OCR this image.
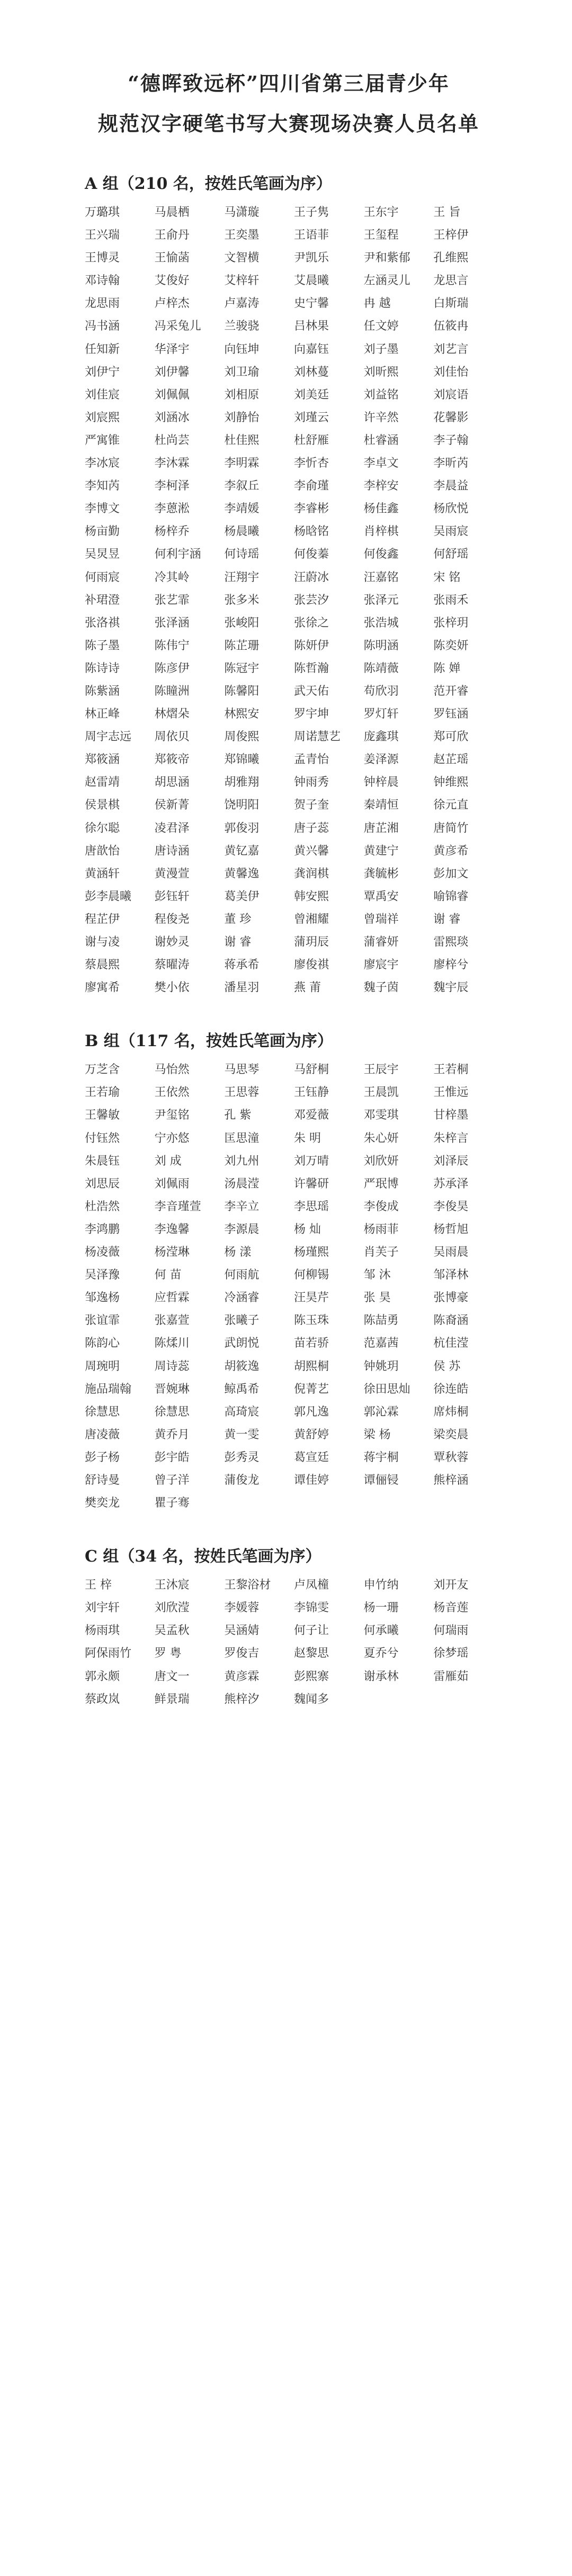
“德晖致远杯”四川省第三届青少年
规范汉字硬笔书写大赛现场决赛人员名单
A 组（210 名，按姓氏笔画为序）
万璐琪	马晨栖	马潇璇	王子隽	王东宇	王 旨
王兴瑞	王俞丹	王奕墨	王语菲	王玺程	王梓伊
王博灵	王愉菡	文智横	尹凯乐	尹和紫郁	孔维熙
邓诗翰	艾俊好	艾梓轩	艾晨曦	左涵灵儿	龙思言
龙思雨	卢梓杰	卢嘉涛	史宁馨	冉 越	白斯瑞
冯书涵	冯采兔儿	兰骏骁	吕林果	任文婷	伍筱冉
任知新	华泽宇	向钰坤	向嘉钰	刘子墨	刘艺言
刘伊宁	刘伊馨	刘卫瑜	刘林蔓	刘昕熙	刘佳怡
刘佳宸	刘佩佩	刘相原	刘美廷	刘益铭	刘宸语
刘宸熙	刘涵冰	刘静怡	刘瑾云	许辛然	花馨影
严寓锥	杜尚芸	杜佳熙	杜舒雁	杜睿涵	李子翰
李冰宸	李沐霖	李明霖	李忻杏	李卓文	李昕芮
李知芮	李柯泽	李叙丘	李俞瑾	李梓安	李晨益
李博文	李蒽淞	李靖媛	李睿彬	杨佳鑫	杨欣悦
杨亩勤	杨梓乔	杨晨曦	杨晗铭	肖梓棋	吴雨宸
吴炅昱	何利宇涵	何诗瑶	何俊蓁	何俊鑫	何舒瑶
何雨宸	冷其岭	汪翔宇	汪蔚冰	汪嘉铭	宋 铭
补珺澄	张艺霏	张多米	张芸汐	张泽元	张雨禾
张洛祺	张泽涵	张峻阳	张徐之	张浩城	张梓玥
陈子墨	陈伟宁	陈芷珊	陈妍伊	陈明涵	陈奕妍
陈诗诗	陈彦伊	陈冠宇	陈哲瀚	陈靖薇	陈 婵
陈紫涵	陈瞳洲	陈馨阳	武天佑	苟欣羽	范开睿
林正峰	林熠朵	林熙安	罗宇坤	罗灯轩	罗钰涵
周宇志远	周依贝	周俊熙	周诺慧艺	庞鑫琪	郑可欣
郑筱涵	郑筱帝	郑锦曦	孟青怡	姜泽源	赵芷瑶
赵雷靖	胡思涵	胡雅翔	钟雨秀	钟梓晨	钟维熙
侯景棋	侯新菁	饶明阳	贺子奎	秦靖恒	徐元直
徐尔聪	凌君泽	郭俊羽	唐子蕊	唐芷湘	唐简竹
唐歆怡	唐诗涵	黄钇嘉	黄兴馨	黄建宁	黄彦希
黄涵轩	黄漫萱	黄馨逸	龚润棋	龚毓彬	彭加文
彭李晨曦	彭钰轩	葛美伊	韩安熙	覃禹安	喻锦睿
程芷伊	程俊尧	董 珍	曾湘耀	曾瑞祥	谢 睿
谢与凌	谢妙灵	谢 睿	蒲玥辰	蒲睿妍	雷熙琰
蔡晨熙	蔡曜涛	蒋承希	廖俊祺	廖宸宇	廖梓兮
廖寓希	樊小依	潘星羽	燕 莆	魏子茵	魏宇辰
B 组（117 名，按姓氏笔画为序）
万芝含	马怡然	马思琴	马舒桐	王辰宇	王若桐
王若瑜	王依然	王思蓉	王钰静	王晨凯	王惟远
王馨敏	尹玺铭	孔 紫	邓爱薇	邓雯琪	甘梓墨
付钰然	宁亦悠	匡思潼	朱 明	朱心妍	朱梓言
朱晨钰	刘 成	刘九州	刘万晴	刘欣妍	刘泽辰
刘思辰	刘佩雨	汤晨滢	许馨研	严珉博	苏承泽
杜浩然	李音瑾萱	李辛立	李思瑶	李俊成	李俊昊
李鸿鹏	李逸馨	李源晨	杨 灿	杨雨菲	杨哲旭
杨凌薇	杨滢琳	杨 漾	杨瑾熙	肖芙子	吴雨晨
吴泽豫	何 苗	何雨航	何柳锡	邹 沐	邹泽林
邹逸杨	应哲霖	冷涵睿	汪昊芹	张 昊	张博豪
张谊霏	张嘉萱	张曦子	陈玉珠	陈喆勇	陈裔涵
陈韵心	陈煣川	武朗悦	苗若骄	范嘉茜	杭佳滢
周琬明	周诗蕊	胡筱逸	胡熙桐	钟姚玥	侯 苏
施品瑞翰	晋婉琳	鲸禹希	倪菁艺	徐田思灿	徐连皓
徐慧思	徐慧思	高琦宸	郭凡逸	郭沁霖	席炜桐
唐凌薇	黄乔月	黄一雯	黄舒婷	梁 杨	梁奕晨
彭子杨	彭宇皓	彭秀灵	葛宣廷	蒋宇桐	覃秋蓉
舒诗曼	曾子洋	蒲俊龙	谭佳婷	谭俪锓	熊梓涵
樊奕龙	瞿子骞
C 组（34 名，按姓氏笔画为序）
王 梓	王沐宸	王黎浴材	卢凤橦	申竹纳	刘开友
刘宇轩	刘欣滢	李媛蓉	李锦雯	杨一珊	杨音莲
杨雨琪	吴孟秋	吴涵婧	何子让	何承曦	何瑞雨
阿保雨竹	罗 粤	罗俊吉	赵黎思	夏乔兮	徐梦瑶
郭永颇	唐文一	黄彦霖	彭熙寨	谢承林	雷雁茹
蔡政岚	鲜景瑞	熊梓汐	魏闻多
